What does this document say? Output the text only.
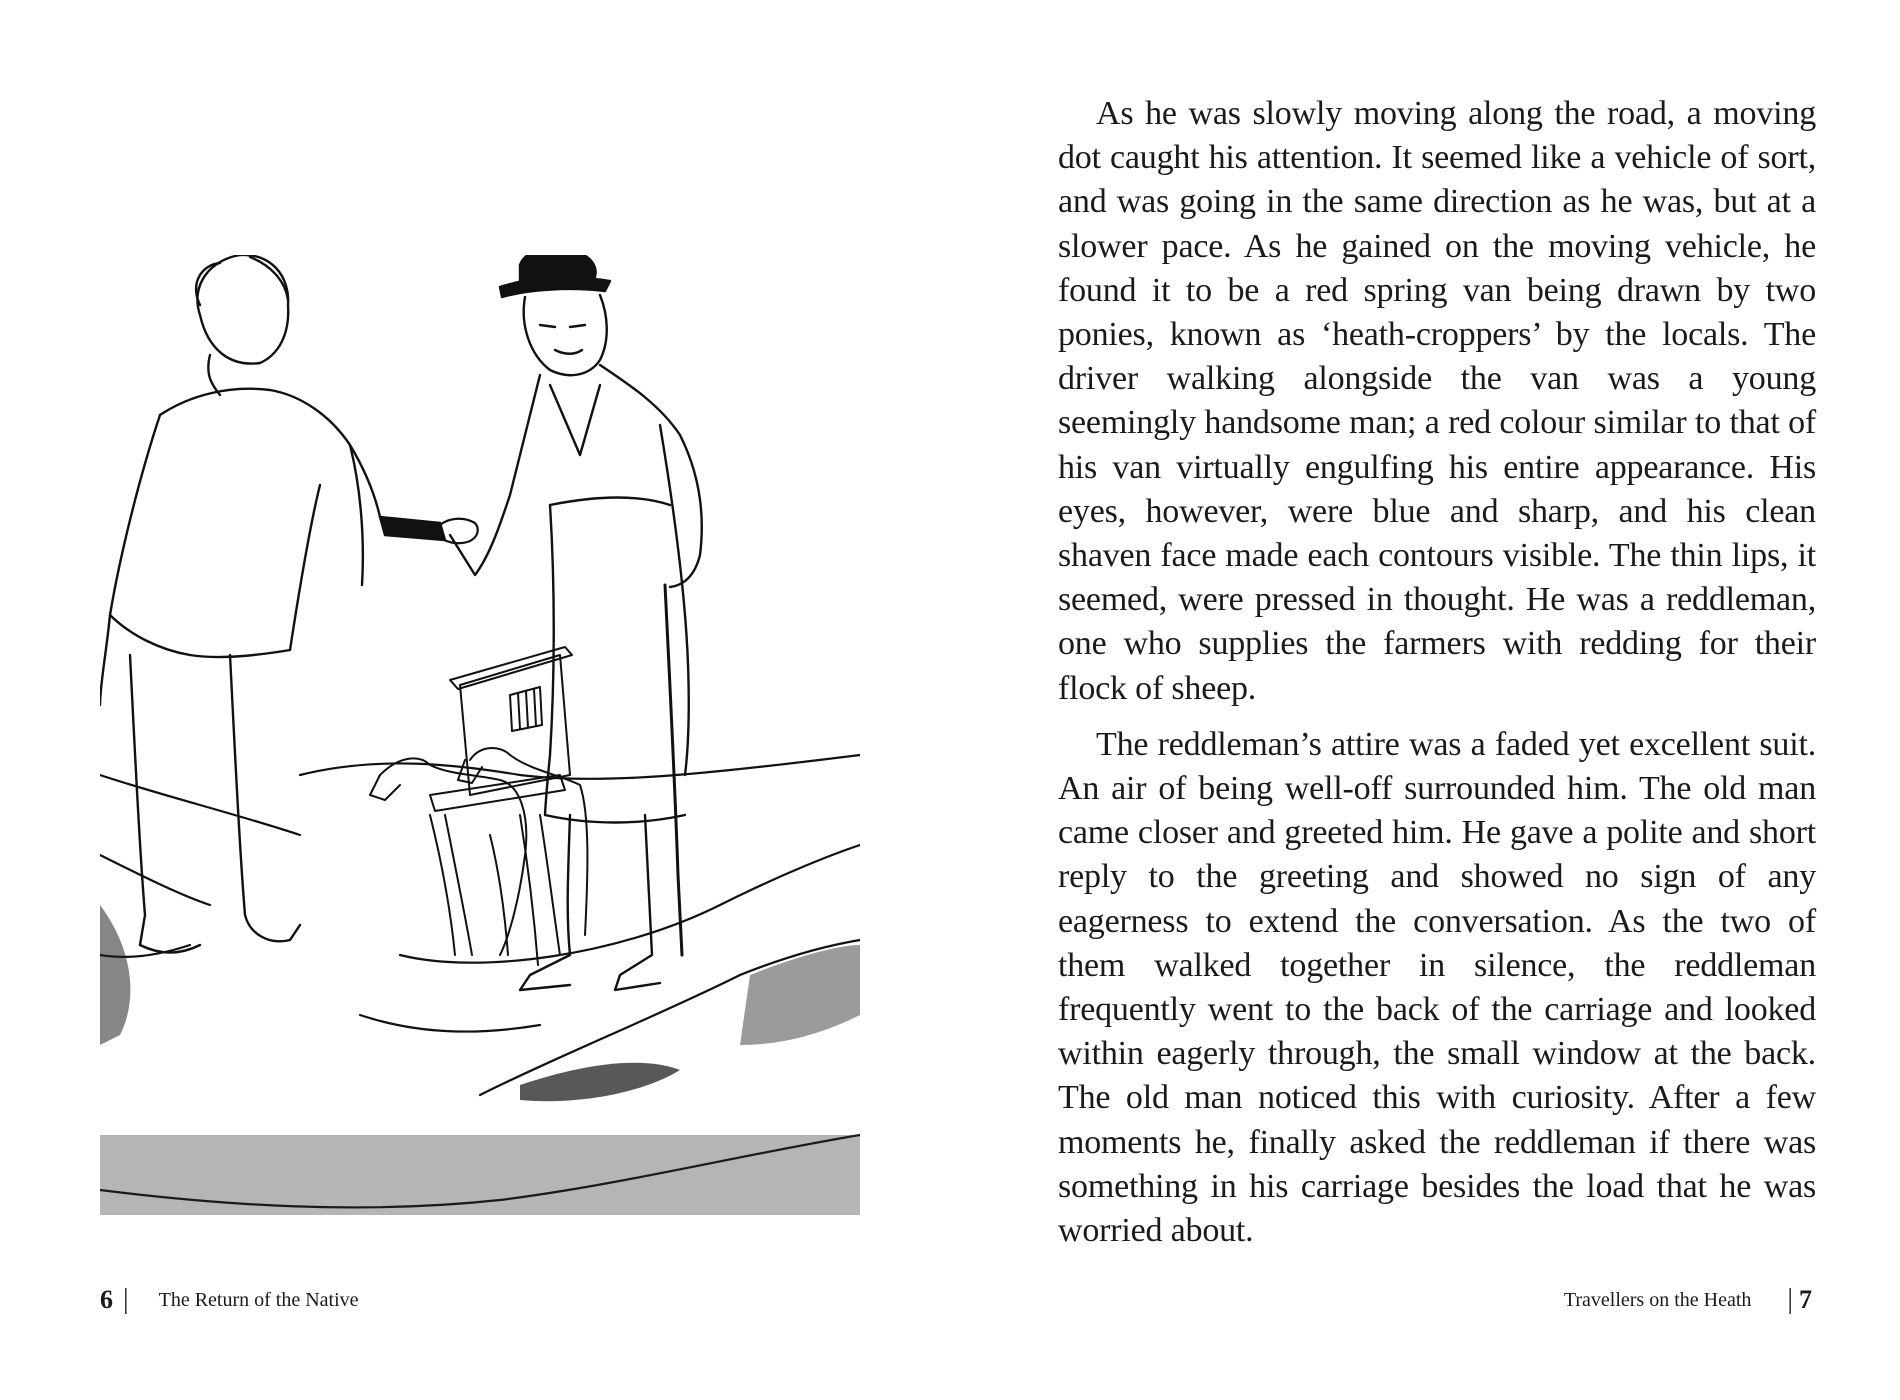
As he was slowly moving along the road, a moving dot caught his attention. It seemed like a vehicle of sort, and was going in the same direction as he was, but at a slower pace. As he gained on the moving vehicle, he found it to be a red spring van being drawn by two ponies, known as ‘heath-croppers’ by the locals. The driver walking alongside the van was a young seemingly handsome man; a red colour similar to that of his van virtually engulfing his entire appearance. His eyes, however, were blue and sharp, and his clean shaven face made each contours visible. The thin lips, it seemed, were pressed in thought. He was a reddleman, one who supplies the farmers with redding for their flock of sheep.

The reddleman’s attire was a faded yet excellent suit. An air of being well-off surrounded him. The old man came closer and greeted him. He gave a polite and short reply to the greeting and showed no sign of any eagerness to extend the conversation. As the two of them walked together in silence, the reddleman frequently went to the back of the carriage and looked within eagerly through, the small window at the back. The old man noticed this with curiosity. After a few moments he, finally asked the reddleman if there was something in his carriage besides the load that he was worried about.

6 | The Return of the Native	Travellers on the Heath | 7
